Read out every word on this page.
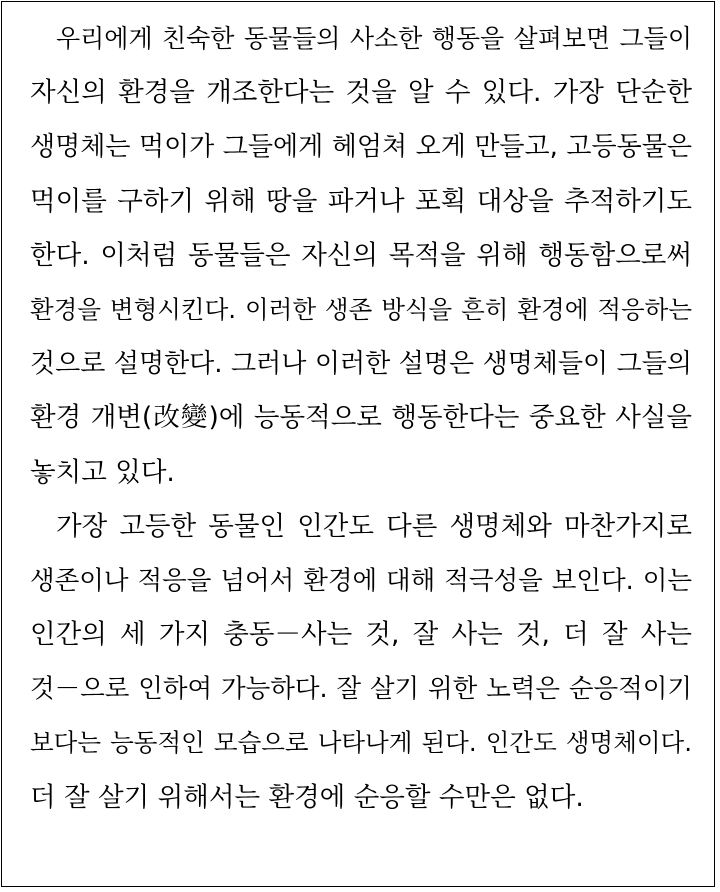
우리에게 친숙한 동물들의 사소한 행동을 살펴보면 그들이
자신의 환경을 개조한다는 것을 알 수 있다. 가장 단순한
생명체는 먹이가 그들에게 헤엄쳐 오게 만들고, 고등동물은
먹이를 구하기 위해 땅을 파거나 포획 대상을 추적하기도
한다. 이처럼 동물들은 자신의 목적을 위해 행동함으로써
환경을 변형시킨다. 이러한 생존 방식을 흔히 환경에 적응하는
것으로 설명한다. 그러나 이러한 설명은 생명체들이 그들의
환경 개변(改變)에 능동적으로 행동한다는 중요한 사실을
놓치고 있다.
가장 고등한 동물인 인간도 다른 생명체와 마찬가지로
생존이나 적응을 넘어서 환경에 대해 적극성을 보인다. 이는
인간의 세 가지 충동－사는 것, 잘 사는 것, 더 잘 사는
것－으로 인하여 가능하다. 잘 살기 위한 노력은 순응적이기
보다는 능동적인 모습으로 나타나게 된다. 인간도 생명체이다.
더 잘 살기 위해서는 환경에 순응할 수만은 없다.
